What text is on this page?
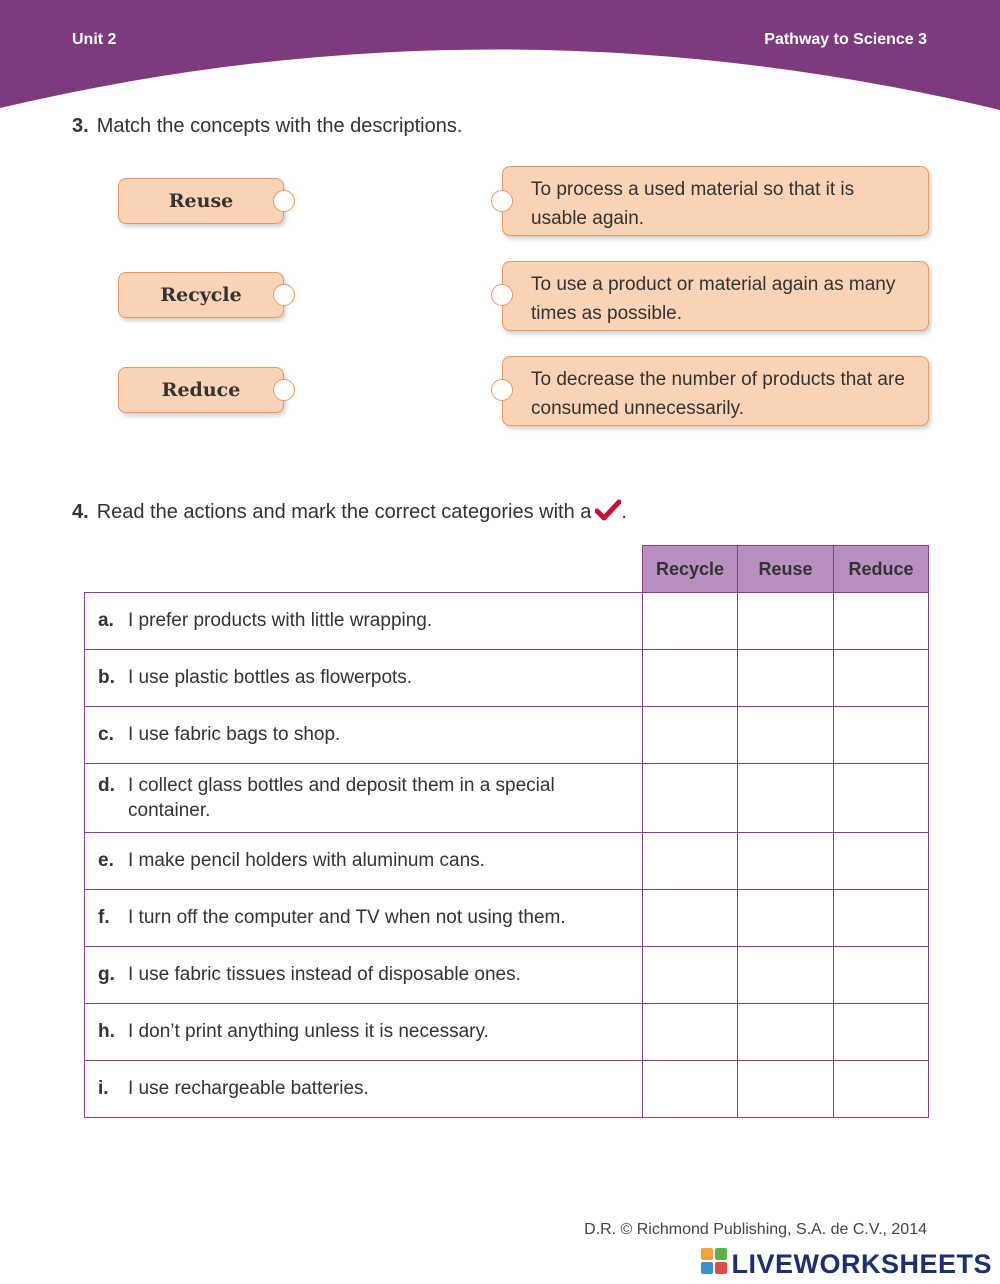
Unit 2	Pathway to Science 3
3. Match the concepts with the descriptions.
Reuse
Recycle
Reduce
To process a used material so that it is usable again.
To use a product or material again as many times as possible.
To decrease the number of products that are consumed unnecessarily.
4. Read the actions and mark the correct categories with a .
	Recycle	Reuse	Reduce

a. I prefer products with little wrapping.			

b. I use plastic bottles as flowerpots.			

c. I use fabric bags to shop.			

d. I collect glass bottles and deposit them in a special container.			

e. I make pencil holders with aluminum cans.			

f. I turn off the computer and TV when not using them.			

g. I use fabric tissues instead of disposable ones.			

h. I don’t print anything unless it is necessary.			

i. I use rechargeable batteries.			

D.R. © Richmond Publishing, S.A. de C.V., 2014
LIVEWORKSHEETS
